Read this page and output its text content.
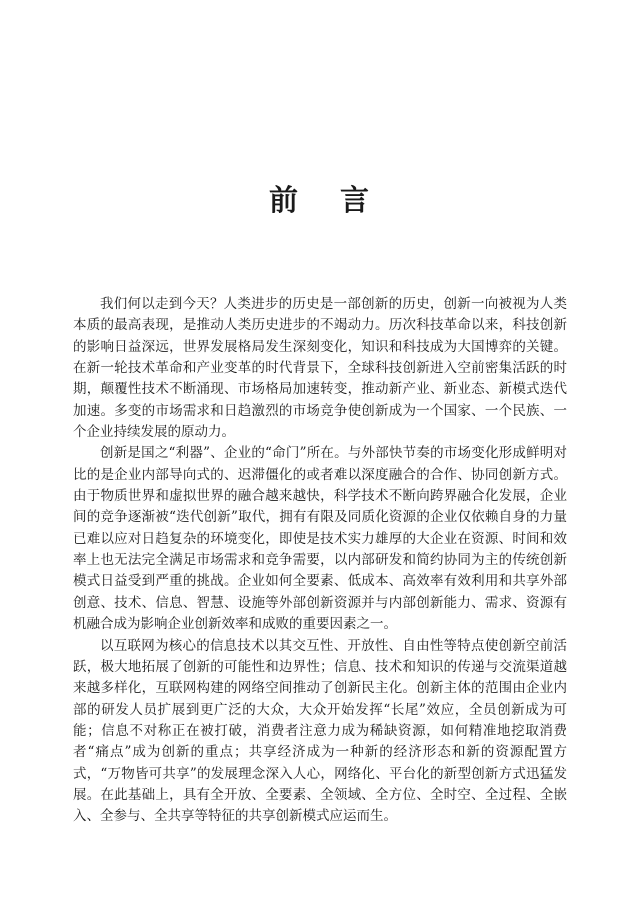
前言

我们何以走到今天？人类进步的历史是一部创新的历史，创新一向被视为人类本质的最高表现，是推动人类历史进步的不竭动力。历次科技革命以来，科技创新的影响日益深远，世界发展格局发生深刻变化，知识和科技成为大国博弈的关键。在新一轮技术革命和产业变革的时代背景下，全球科技创新进入空前密集活跃的时期，颠覆性技术不断涌现、市场格局加速转变，推动新产业、新业态、新模式迭代加速。多变的市场需求和日趋激烈的市场竞争使创新成为一个国家、一个民族、一个企业持续发展的原动力。

创新是国之“利器”、企业的“命门”所在。与外部快节奏的市场变化形成鲜明对比的是企业内部导向式的、迟滞僵化的或者难以深度融合的合作、协同创新方式。由于物质世界和虚拟世界的融合越来越快，科学技术不断向跨界融合化发展，企业间的竞争逐渐被“迭代创新”取代，拥有有限及同质化资源的企业仅依赖自身的力量已难以应对日趋复杂的环境变化，即使是技术实力雄厚的大企业在资源、时间和效率上也无法完全满足市场需求和竞争需要，以内部研发和简约协同为主的传统创新模式日益受到严重的挑战。企业如何全要素、低成本、高效率有效利用和共享外部创意、技术、信息、智慧、设施等外部创新资源并与内部创新能力、需求、资源有机融合成为影响企业创新效率和成败的重要因素之一。

以互联网为核心的信息技术以其交互性、开放性、自由性等特点使创新空前活跃，极大地拓展了创新的可能性和边界性；信息、技术和知识的传递与交流渠道越来越多样化，互联网构建的网络空间推动了创新民主化。创新主体的范围由企业内部的研发人员扩展到更广泛的大众，大众开始发挥“长尾”效应，全员创新成为可能；信息不对称正在被打破，消费者注意力成为稀缺资源，如何精准地挖取消费者“痛点”成为创新的重点；共享经济成为一种新的经济形态和新的资源配置方式，“万物皆可共享”的发展理念深入人心，网络化、平台化的新型创新方式迅猛发展。在此基础上，具有全开放、全要素、全领域、全方位、全时空、全过程、全嵌入、全参与、全共享等特征的共享创新模式应运而生。
